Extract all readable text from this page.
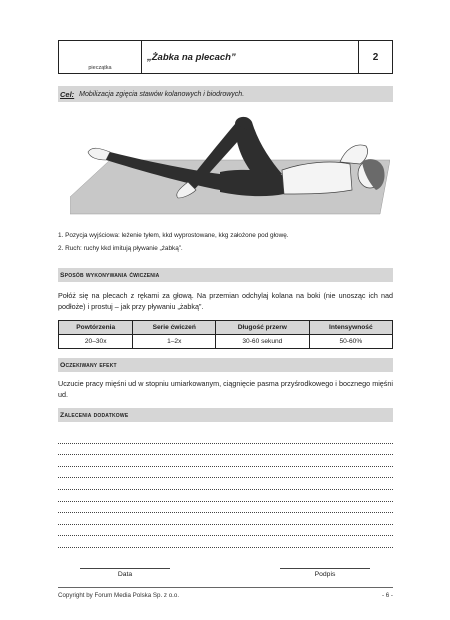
pieczątka
„Żabka na plecach”	2
Cel: Mobilizacja zgięcia stawów kolanowych i biodrowych.
1. Pozycja wyjściowa: leżenie tyłem, kkd wyprostowane, kkg założone pod głowę.
2. Ruch: ruchy kkd imitują pływanie „żabką”.
Sposób wykonywania ćwiczenia
Połóż się na plecach z rękami za głową. Na przemian odchylaj kolana na boki (nie unosząc ich nad podłoże) i prostuj – jak przy pływaniu „żabką”.
Powtórzenia	Serie ćwiczeń	Długość przerw	Intensywność
20–30x	1–2x	30-60 sekund	50-60%
Oczekiwany efekt
Uczucie pracy mięśni ud w stopniu umiarkowanym, ciągnięcie pasma przyśrodkowego i bocznego mięśni ud.
Zalecenia dodatkowe
Data	Podpis
Copyright by Forum Media Polska Sp. z o.o.	- 6 -
